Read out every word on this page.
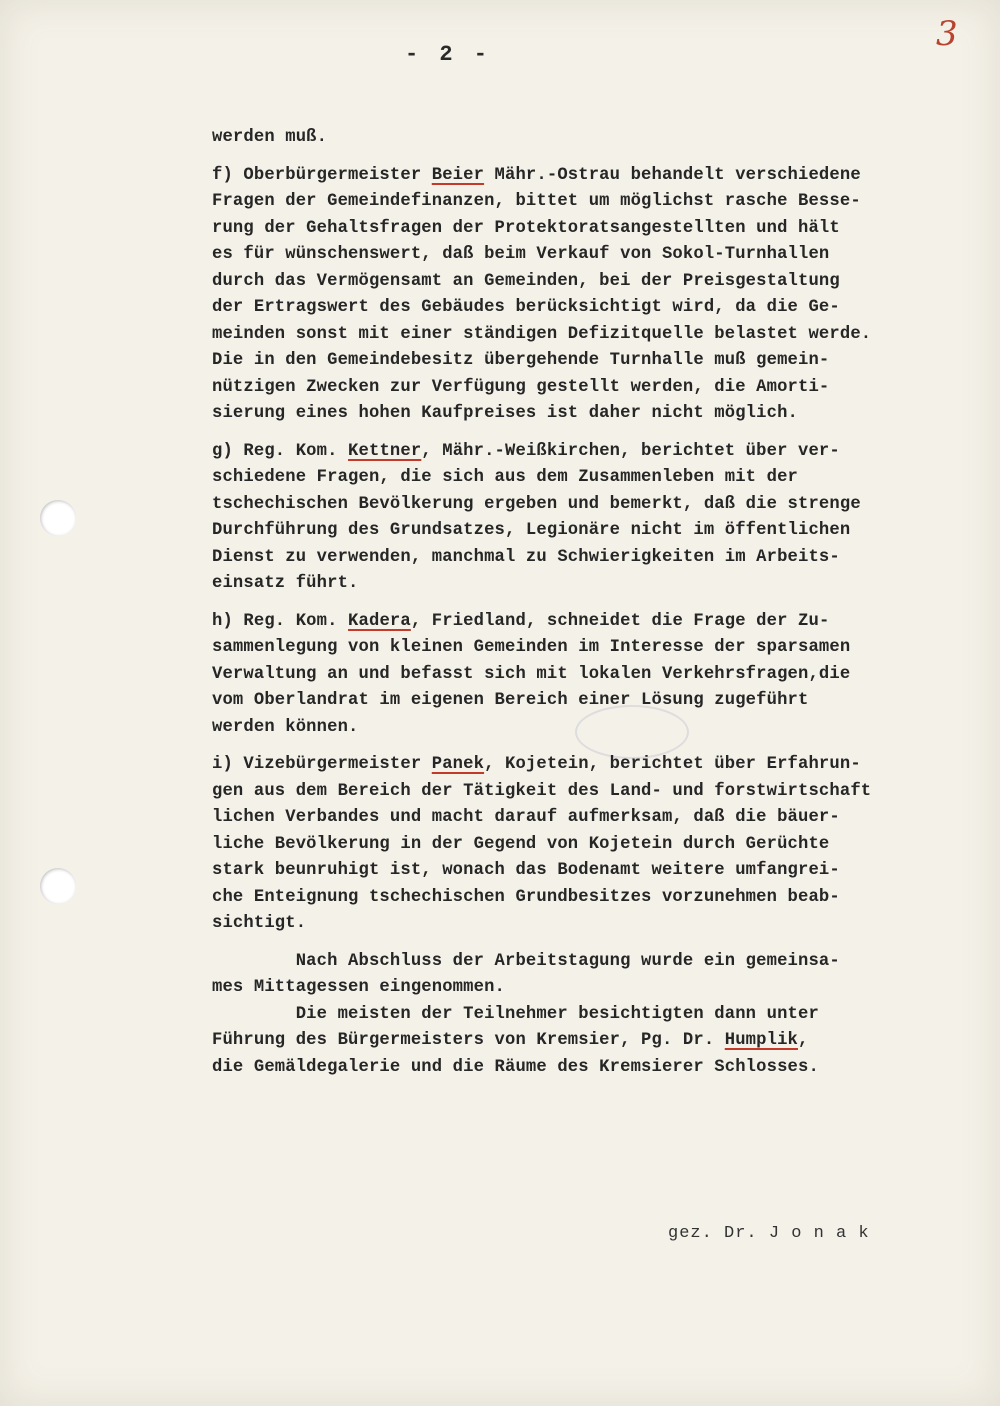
- 2 -
3
werden muß.
f) Oberbürgermeister Beier Mähr.-Ostrau behandelt verschiedene
Fragen der Gemeindefinanzen, bittet um möglichst rasche Besse-
rung der Gehaltsfragen der Protektoratsangestellten und hält
es für wünschenswert, daß beim Verkauf von Sokol-Turnhallen
durch das Vermögensamt an Gemeinden, bei der Preisgestaltung
der Ertragswert des Gebäudes berücksichtigt wird, da die Ge-
meinden sonst mit einer ständigen Defizitquelle belastet werde.
Die in den Gemeindebesitz übergehende Turnhalle muß gemein-
nützigen Zwecken zur Verfügung gestellt werden, die Amorti-
sierung eines hohen Kaufpreises ist daher nicht möglich.
g) Reg. Kom. Kettner, Mähr.-Weißkirchen, berichtet über ver-
schiedene Fragen, die sich aus dem Zusammenleben mit der
tschechischen Bevölkerung ergeben und bemerkt, daß die strenge
Durchführung des Grundsatzes, Legionäre nicht im öffentlichen
Dienst zu verwenden, manchmal zu Schwierigkeiten im Arbeits-
einsatz führt.
h) Reg. Kom. Kadera, Friedland, schneidet die Frage der Zu-
sammenlegung von kleinen Gemeinden im Interesse der sparsamen
Verwaltung an und befasst sich mit lokalen Verkehrsfragen,die
vom Oberlandrat im eigenen Bereich einer Lösung zugeführt
werden können.
i) Vizebürgermeister Panek, Kojetein, berichtet über Erfahrun-
gen aus dem Bereich der Tätigkeit des Land- und forstwirtschaft
lichen Verbandes und macht darauf aufmerksam, daß die bäuer-
liche Bevölkerung in der Gegend von Kojetein durch Gerüchte
stark beunruhigt ist, wonach das Bodenamt weitere umfangrei-
che Enteignung tschechischen Grundbesitzes vorzunehmen beab-
sichtigt.
Nach Abschluss der Arbeitstagung wurde ein gemeinsa-
mes Mittagessen eingenommen.
Die meisten der Teilnehmer besichtigten dann unter
Führung des Bürgermeisters von Kremsier, Pg. Dr. Humplik,
die Gemäldegalerie und die Räume des Kremsierer Schlosses.
gez. Dr. J o n a k
